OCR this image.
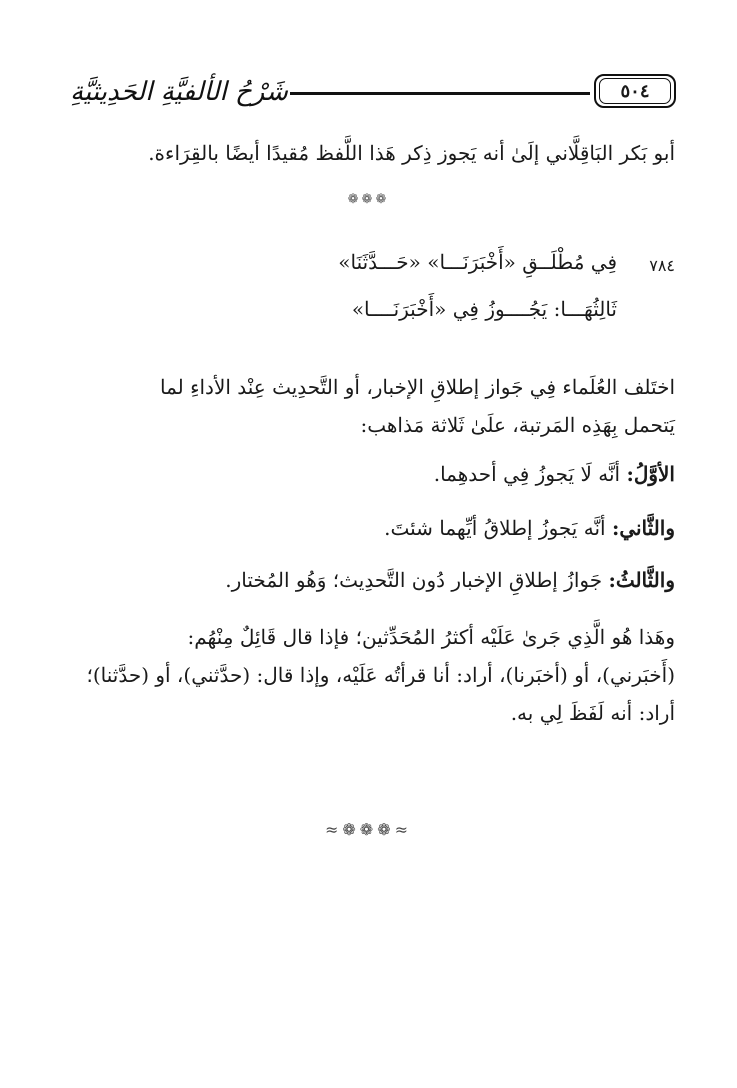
شَرْحُ الألفيَّةِ الحَدِيثيَّةِ	٥٠٤
أبو بَكر البَاقِلَّاني إلَىٰ أنه يَجوز ذِكر هَذا اللَّفظ مُقيدًا أيضًا بالقِرَاءة.
❁❁❁
٧٨٤
فِي مُطْلَــقِ «أَخْبَرَنَـــا» «حَـــدَّثَنَا»
ثَالِثُهَـــا: يَجُــــوزُ فِي «أَخْبَرَنَــــا»
اختَلف العُلَماء فِي جَواز إطلاقِ الإخبار، أو التَّحدِيث عِنْد الأداءِ لما
يَتحمل بِهَذِه المَرتبة، علَىٰ ثَلاثة مَذاهب:
الأوَّلُ: أنَّه لَا يَجوزُ فِي أحدهِما.
والثَّاني: أنَّه يَجوزُ إطلاقُ أيِّهما شئتَ.
والثَّالثُ: جَوازُ إطلاقِ الإخبار دُون التَّحدِيث؛ وَهُو المُختار.
وهَذا هُو الَّذِي جَرىٰ عَلَيْه أكثرُ المُحَدِّثين؛ فإذا قال قَائِلٌ مِنْهُم:
(أَخبَرني)، أو (أخبَرنا)، أراد: أنا قرأتُه عَلَيْه، وإذا قال: (حدَّثني)، أو (حدَّثنا)؛
أراد: أنه لَفَظَ لِي به.
≈❁❁❁≈
